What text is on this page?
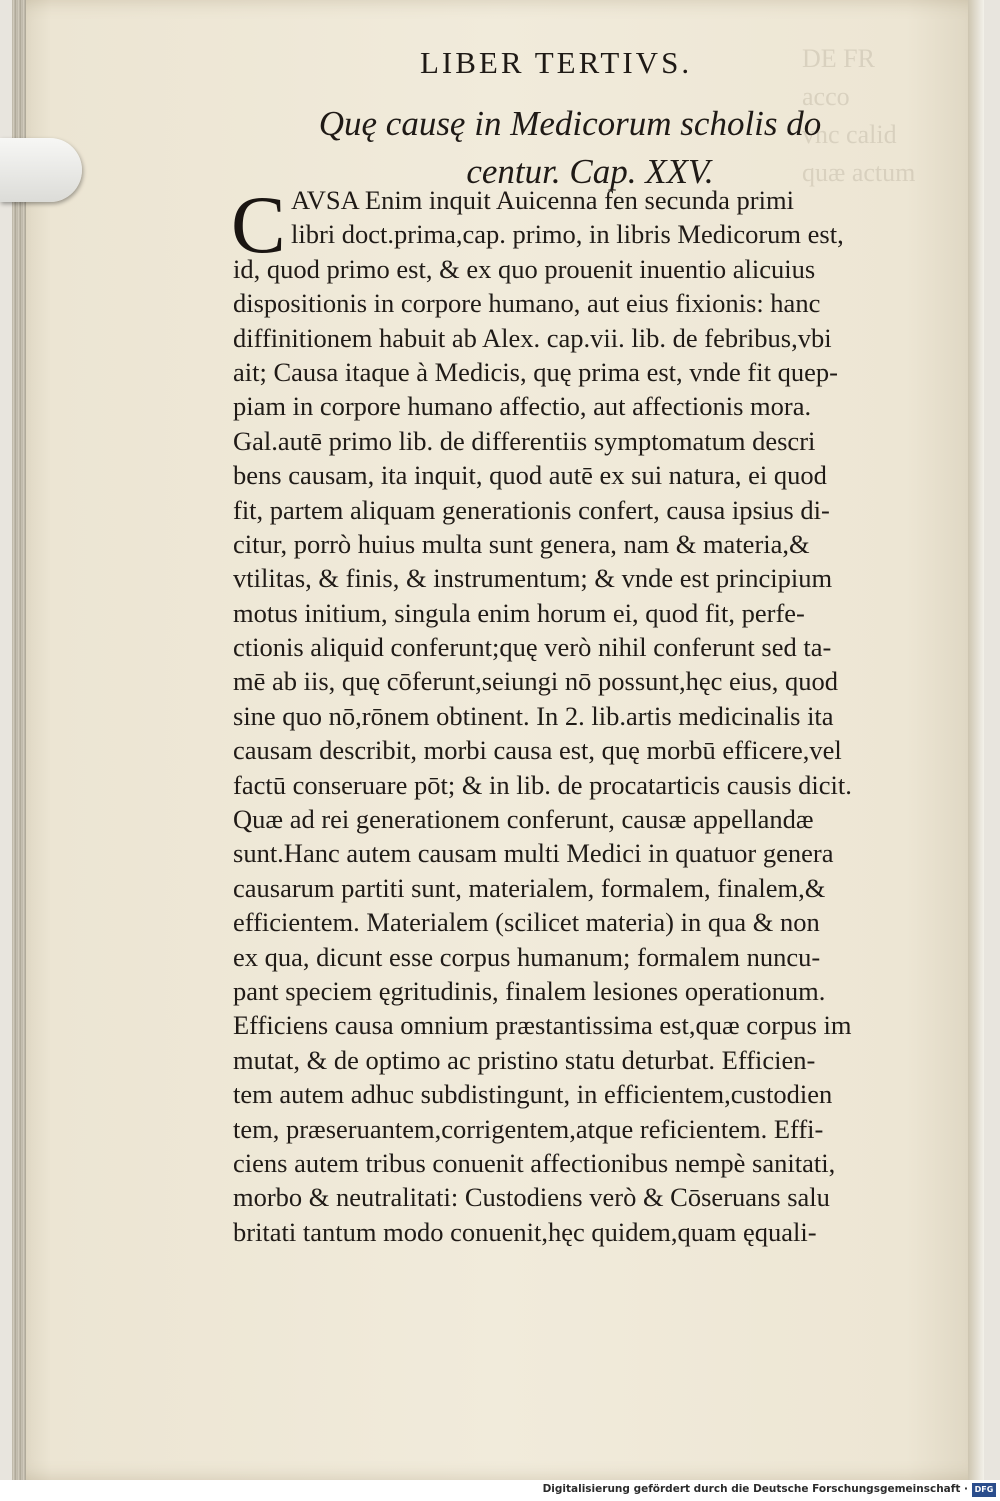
DE FR
acco
vnc calid
quæ actum
LIBER TERTIVS.
Quę causę in Medicorum scholis do
centur. Cap. XXV.
C AVSA Enim inquit Auicenna fen secunda primi
libri doct.prima,cap. primo, in libris Medicorum est,
id, quod primo est, & ex quo prouenit inuentio alicuius
dispositionis in corpore humano, aut eius fixionis: hanc
diffinitionem habuit ab Alex. cap.vii. lib. de febribus,vbi
ait; Causa itaque à Medicis, quę prima est, vnde fit quep-
piam in corpore humano affectio, aut affectionis mora.
Gal.autē primo lib. de differentiis symptomatum descri
bens causam, ita inquit, quod autē ex sui natura, ei quod
fit, partem aliquam generationis confert, causa ipsius di-
citur, porrò huius multa sunt genera, nam & materia,&
vtilitas, & finis, & instrumentum; & vnde est principium
motus initium, singula enim horum ei, quod fit, perfe-
ctionis aliquid conferunt;quę verò nihil conferunt sed ta-
mē ab iis, quę cōferunt,seiungi nō possunt,hęc eius, quod
sine quo nō,rōnem obtinent. In 2. lib.artis medicinalis ita
causam describit, morbi causa est, quę morbū efficere,vel
factū conseruare pōt; & in lib. de procatarticis causis dicit.
Quæ ad rei generationem conferunt, causæ appellandæ
sunt.Hanc autem causam multi Medici in quatuor genera
causarum partiti sunt, materialem, formalem, finalem,&
efficientem. Materialem (scilicet materia) in qua & non
ex qua, dicunt esse corpus humanum; formalem nuncu-
pant speciem ęgritudinis, finalem lesiones operationum.
Efficiens causa omnium præstantissima est,quæ corpus im
mutat, & de optimo ac pristino statu deturbat. Efficien-
tem autem adhuc subdistingunt, in efficientem,custodien
tem, præseruantem,corrigentem,atque reficientem. Effi-
ciens autem tribus conuenit affectionibus nempè sanitati,
morbo & neutralitati: Custodiens verò & Cōseruans salu
britati tantum modo conuenit,hęc quidem,quam ęquali-
Digitalisierung gefördert durch die Deutsche Forschungsgemeinschaft · DFG
